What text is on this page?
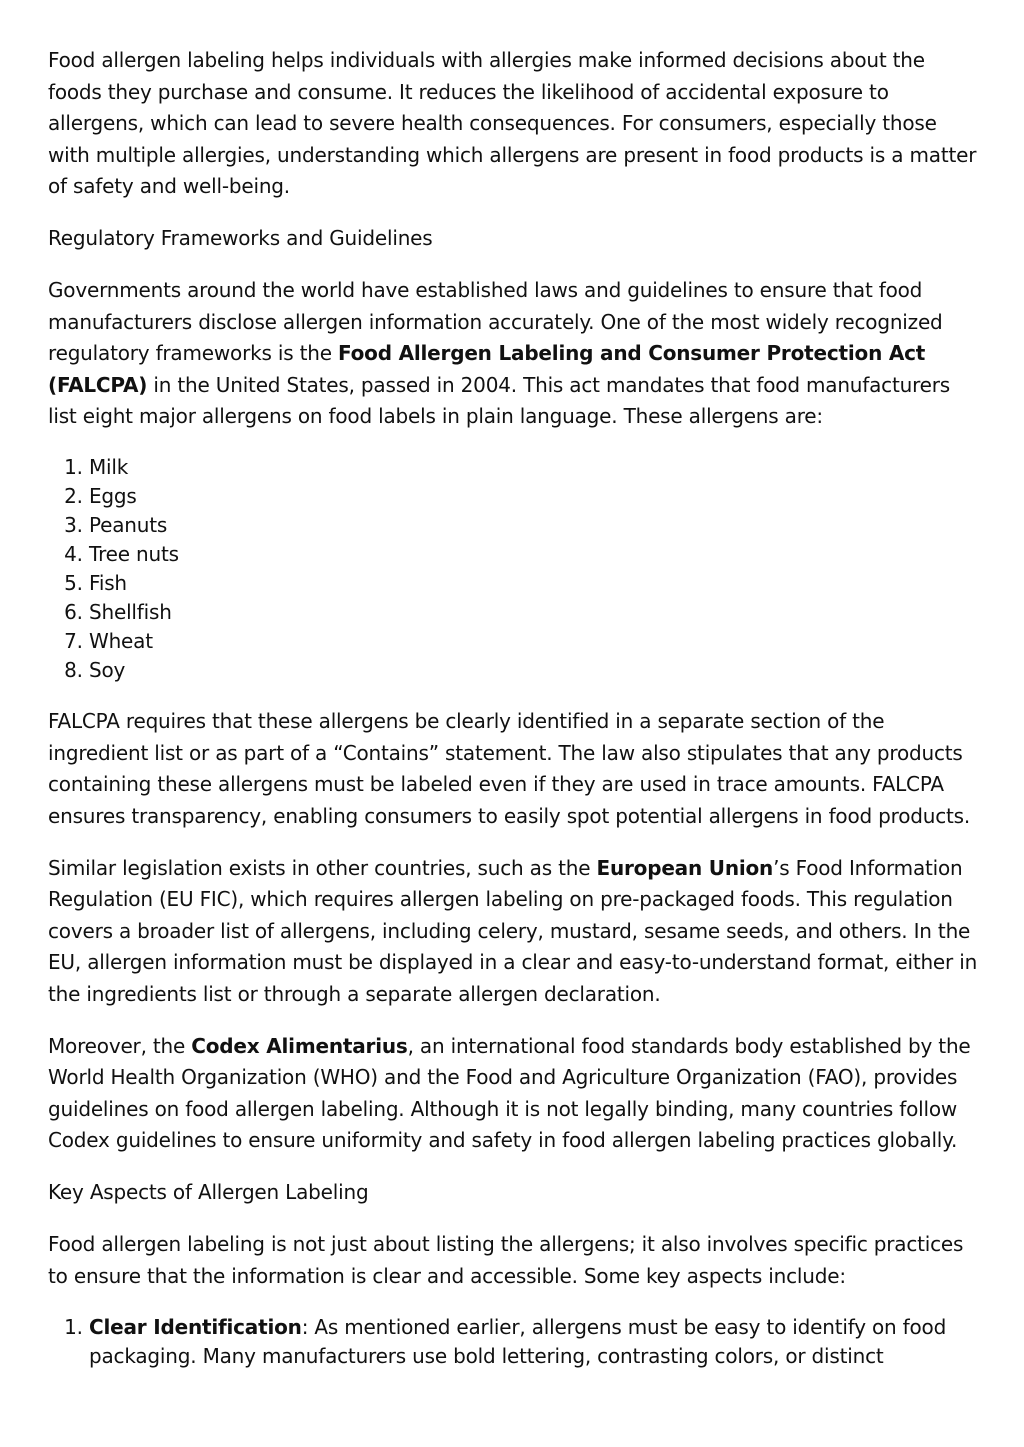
Food allergen labeling helps individuals with allergies make informed decisions about the foods they purchase and consume. It reduces the likelihood of accidental exposure to allergens, which can lead to severe health consequences. For consumers, especially those with multiple allergies, understanding which allergens are present in food products is a matter of safety and well-being.

Regulatory Frameworks and Guidelines

Governments around the world have established laws and guidelines to ensure that food manufacturers disclose allergen information accurately. One of the most widely recognized regulatory frameworks is the Food Allergen Labeling and Consumer Protection Act (FALCPA) in the United States, passed in 2004. This act mandates that food manufacturers list eight major allergens on food labels in plain language. These allergens are:

1. Milk
2. Eggs
3. Peanuts
4. Tree nuts
5. Fish
6. Shellfish
7. Wheat
8. Soy

FALCPA requires that these allergens be clearly identified in a separate section of the ingredient list or as part of a “Contains” statement. The law also stipulates that any products containing these allergens must be labeled even if they are used in trace amounts. FALCPA ensures transparency, enabling consumers to easily spot potential allergens in food products.

Similar legislation exists in other countries, such as the European Union’s Food Information Regulation (EU FIC), which requires allergen labeling on pre-packaged foods. This regulation covers a broader list of allergens, including celery, mustard, sesame seeds, and others. In the EU, allergen information must be displayed in a clear and easy-to-understand format, either in the ingredients list or through a separate allergen declaration.

Moreover, the Codex Alimentarius, an international food standards body established by the World Health Organization (WHO) and the Food and Agriculture Organization (FAO), provides guidelines on food allergen labeling. Although it is not legally binding, many countries follow Codex guidelines to ensure uniformity and safety in food allergen labeling practices globally.

Key Aspects of Allergen Labeling

Food allergen labeling is not just about listing the allergens; it also involves specific practices to ensure that the information is clear and accessible. Some key aspects include:

1. Clear Identification: As mentioned earlier, allergens must be easy to identify on food packaging. Many manufacturers use bold lettering, contrasting colors, or distinct
